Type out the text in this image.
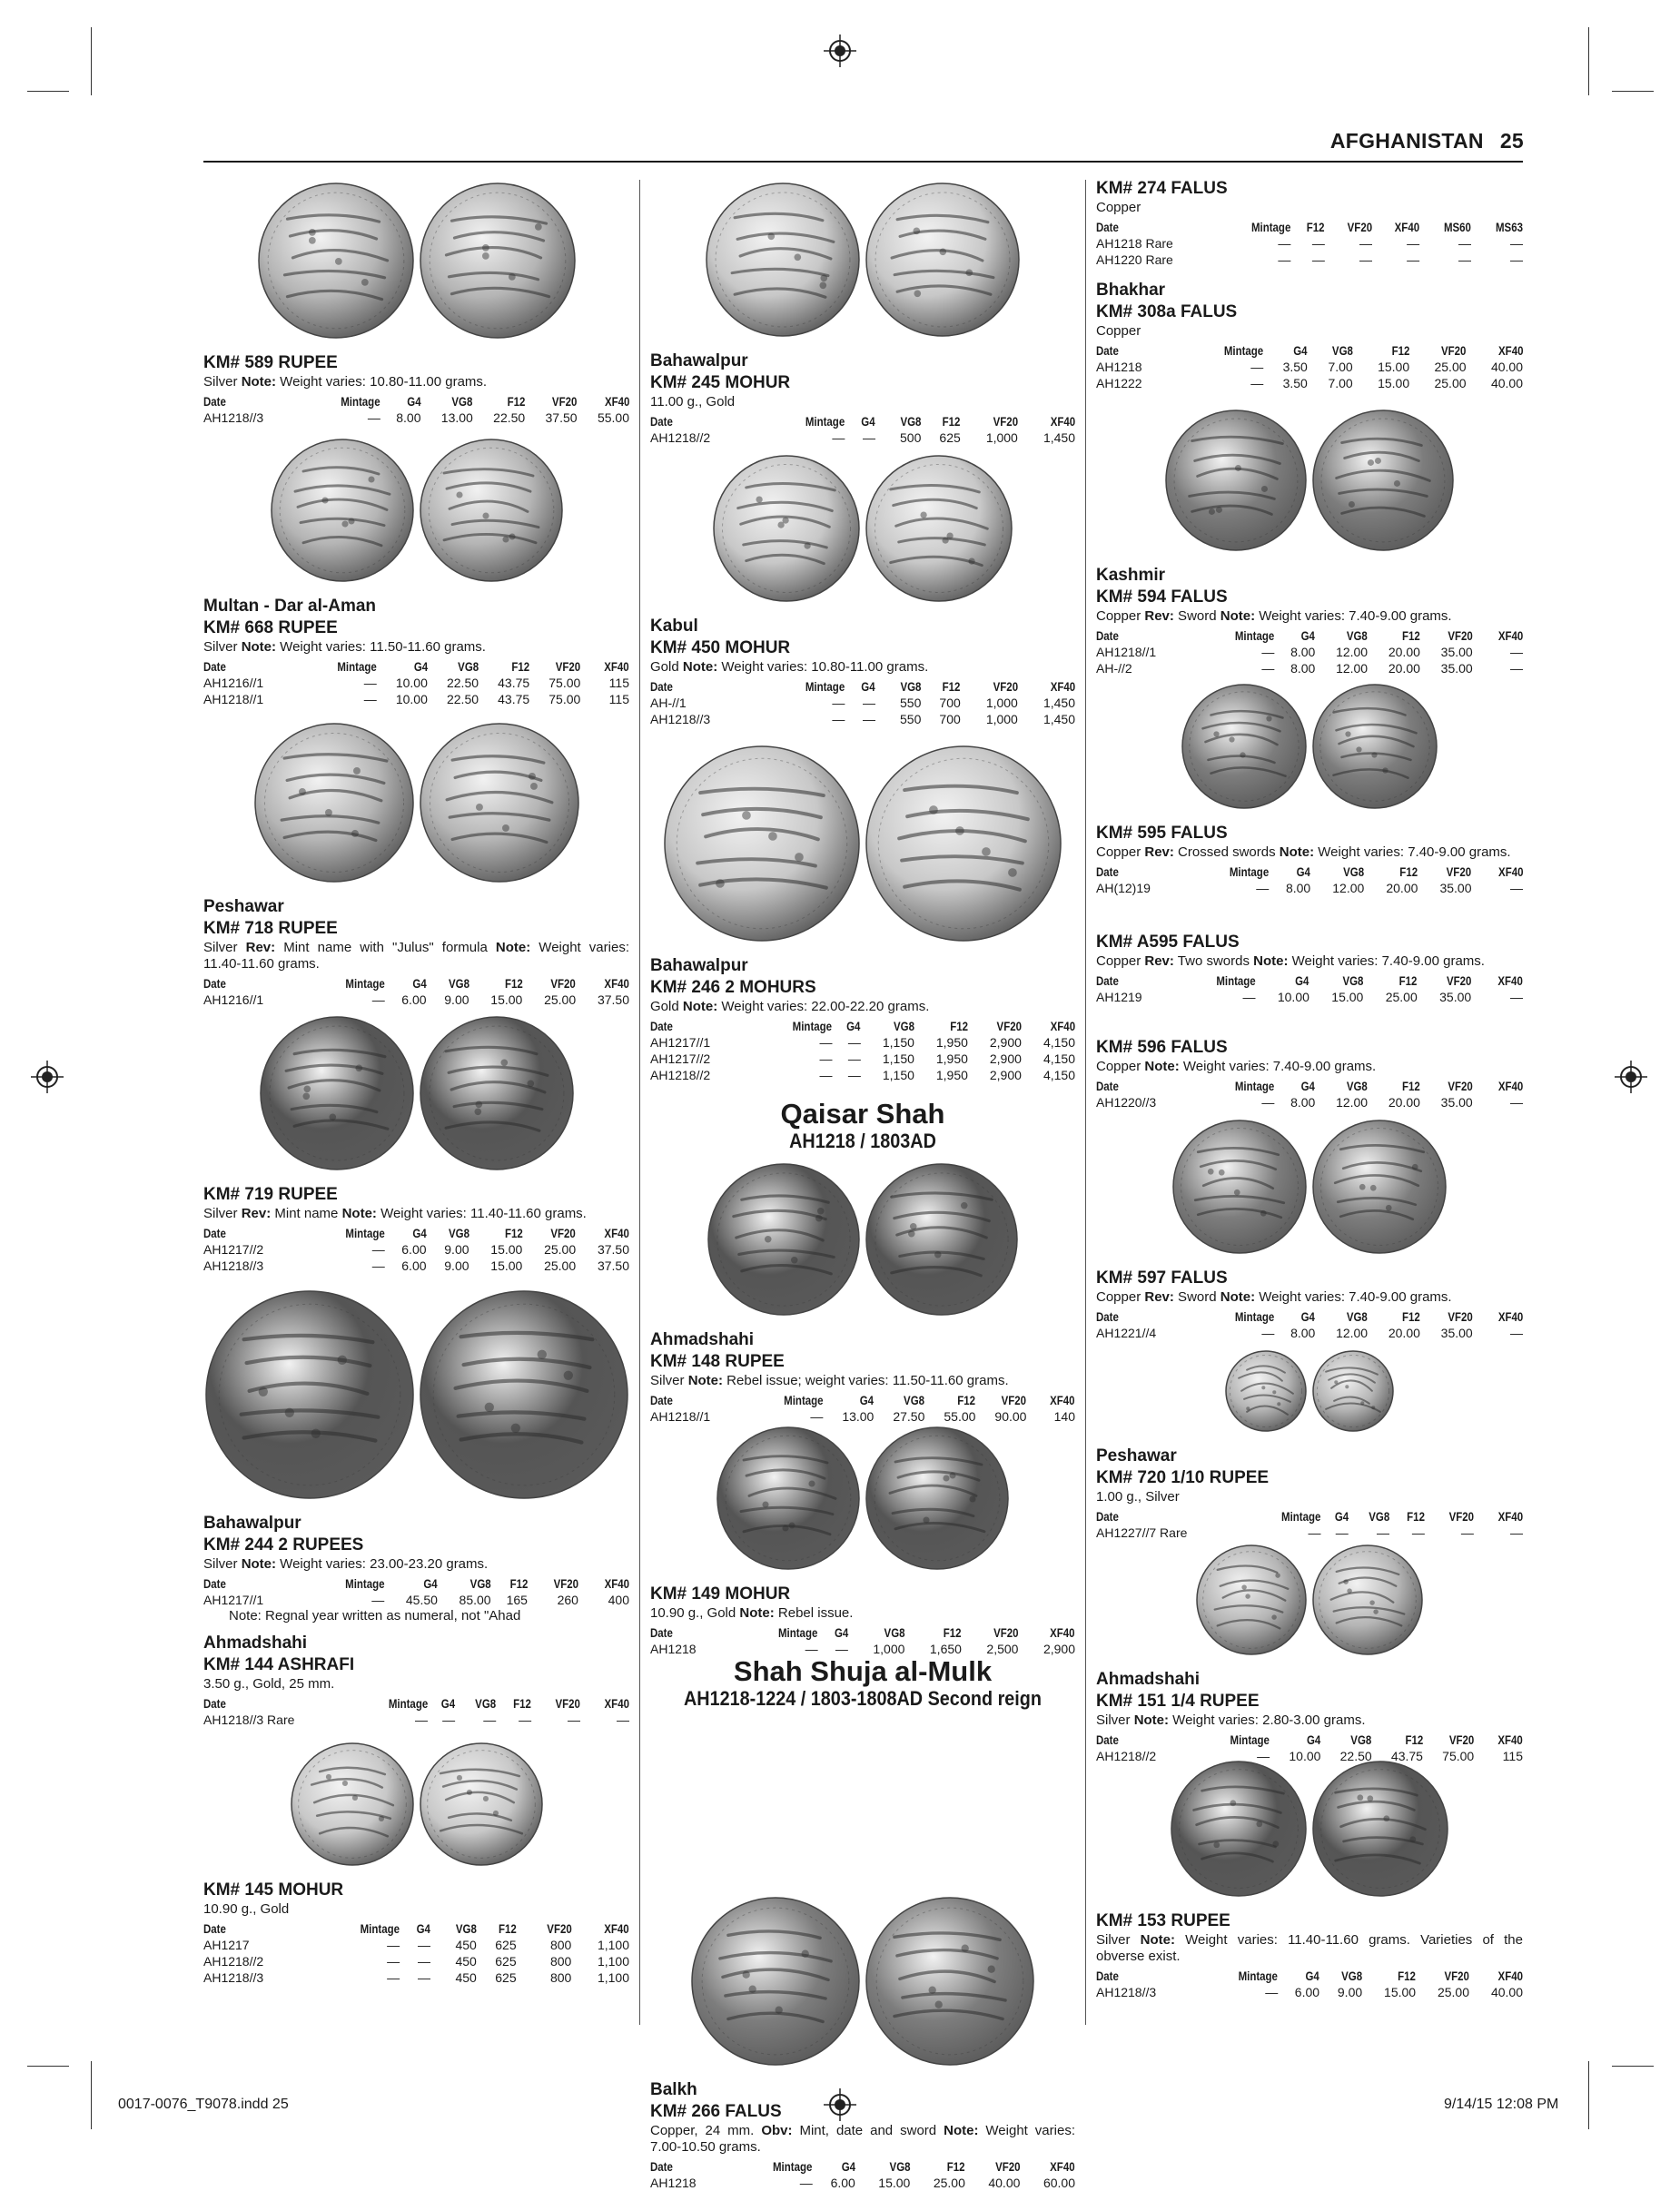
AFGHANISTAN 25
KM# 589 RUPEE
Silver Note: Weight varies: 10.80-11.00 grams.
Date	Mintage	G4	VG8	F12	VF20	XF40
AH1218//3	—	8.00	13.00	22.50	37.50	55.00
Multan - Dar al-Aman
KM# 668 RUPEE
Silver Note: Weight varies: 11.50-11.60 grams.
Date	Mintage	G4	VG8	F12	VF20	XF40
AH1216//1	—	10.00	22.50	43.75	75.00	115
AH1218//1	—	10.00	22.50	43.75	75.00	115
Peshawar
KM# 718 RUPEE
Silver Rev: Mint name with "Julus" formula Note: Weight varies: 11.40-11.60 grams.
Date	Mintage	G4	VG8	F12	VF20	XF40
AH1216//1	—	6.00	9.00	15.00	25.00	37.50
KM# 719 RUPEE
Silver Rev: Mint name Note: Weight varies: 11.40-11.60 grams.
Date	Mintage	G4	VG8	F12	VF20	XF40
AH1217//2	—	6.00	9.00	15.00	25.00	37.50
AH1218//3	—	6.00	9.00	15.00	25.00	37.50
Bahawalpur
KM# 244 2 RUPEES
Silver Note: Weight varies: 23.00-23.20 grams.
Date	Mintage	G4	VG8	F12	VF20	XF40
AH1217//1	—	45.50	85.00	165	260	400
Note: Regnal year written as numeral, not "Ahad
Ahmadshahi
KM# 144 ASHRAFI
3.50 g., Gold, 25 mm.
Date	Mintage	G4	VG8	F12	VF20	XF40
AH1218//3 Rare	—	—	—	—	—	—
KM# 145 MOHUR
10.90 g., Gold
Date	Mintage	G4	VG8	F12	VF20	XF40
AH1217	—	—	450	625	800	1,100
AH1218//2	—	—	450	625	800	1,100
AH1218//3	—	—	450	625	800	1,100
Bahawalpur
KM# 245 MOHUR
11.00 g., Gold
Date	Mintage	G4	VG8	F12	VF20	XF40
AH1218//2	—	—	500	625	1,000	1,450
Kabul
KM# 450 MOHUR
Gold Note: Weight varies: 10.80-11.00 grams.
Date	Mintage	G4	VG8	F12	VF20	XF40
AH-//1	—	—	550	700	1,000	1,450
AH1218//3	—	—	550	700	1,000	1,450
Bahawalpur
KM# 246 2 MOHURS
Gold Note: Weight varies: 22.00-22.20 grams.
Date	Mintage	G4	VG8	F12	VF20	XF40
AH1217//1	—	—	1,150	1,950	2,900	4,150
AH1217//2	—	—	1,150	1,950	2,900	4,150
AH1218//2	—	—	1,150	1,950	2,900	4,150
Ahmadshahi
KM# 148 RUPEE
Silver Note: Rebel issue; weight varies: 11.50-11.60 grams.
Date	Mintage	G4	VG8	F12	VF20	XF40
AH1218//1	—	13.00	27.50	55.00	90.00	140
KM# 149 MOHUR
10.90 g., Gold Note: Rebel issue.
Date	Mintage	G4	VG8	F12	VF20	XF40
AH1218	—	—	1,000	1,650	2,500	2,900
Balkh
KM# 266 FALUS
Copper, 24 mm. Obv: Mint, date and sword Note: Weight varies: 7.00-10.50 grams.
Date	Mintage	G4	VG8	F12	VF20	XF40
AH1218	—	6.00	15.00	25.00	40.00	60.00
Qaisar Shah
AH1218 / 1803AD
Shah Shuja al-Mulk
AH1218-1224 / 1803-1808AD Second reign
KM# 274 FALUS
Copper
Date	Mintage	F12	VF20	XF40	MS60	MS63
AH1218 Rare	—	—	—	—	—	—
AH1220 Rare	—	—	—	—	—	—
Bhakhar
KM# 308a FALUS
Copper
Date	Mintage	G4	VG8	F12	VF20	XF40
AH1218	—	3.50	7.00	15.00	25.00	40.00
AH1222	—	3.50	7.00	15.00	25.00	40.00
Kashmir
KM# 594 FALUS
Copper Rev: Sword Note: Weight varies: 7.40-9.00 grams.
Date	Mintage	G4	VG8	F12	VF20	XF40
AH1218//1	—	8.00	12.00	20.00	35.00	—
AH-//2	—	8.00	12.00	20.00	35.00	—
KM# 595 FALUS
Copper Rev: Crossed swords Note: Weight varies: 7.40-9.00 grams.
Date	Mintage	G4	VG8	F12	VF20	XF40
AH(12)19	—	8.00	12.00	20.00	35.00	—
KM# A595 FALUS
Copper Rev: Two swords Note: Weight varies: 7.40-9.00 grams.
Date	Mintage	G4	VG8	F12	VF20	XF40
AH1219	—	10.00	15.00	25.00	35.00	—
KM# 596 FALUS
Copper Note: Weight varies: 7.40-9.00 grams.
Date	Mintage	G4	VG8	F12	VF20	XF40
AH1220//3	—	8.00	12.00	20.00	35.00	—
KM# 597 FALUS
Copper Rev: Sword Note: Weight varies: 7.40-9.00 grams.
Date	Mintage	G4	VG8	F12	VF20	XF40
AH1221//4	—	8.00	12.00	20.00	35.00	—
Peshawar
KM# 720 1/10 RUPEE
1.00 g., Silver
Date	Mintage	G4	VG8	F12	VF20	XF40
AH1227//7 Rare	—	—	—	—	—	—
Ahmadshahi
KM# 151 1/4 RUPEE
Silver Note: Weight varies: 2.80-3.00 grams.
Date	Mintage	G4	VG8	F12	VF20	XF40
AH1218//2	—	10.00	22.50	43.75	75.00	115
KM# 153 RUPEE
Silver Note: Weight varies: 11.40-11.60 grams. Varieties of the obverse exist.
Date	Mintage	G4	VG8	F12	VF20	XF40
AH1218//3	—	6.00	9.00	15.00	25.00	40.00
0017-0076_T9078.indd 25	9/14/15 12:08 PM
